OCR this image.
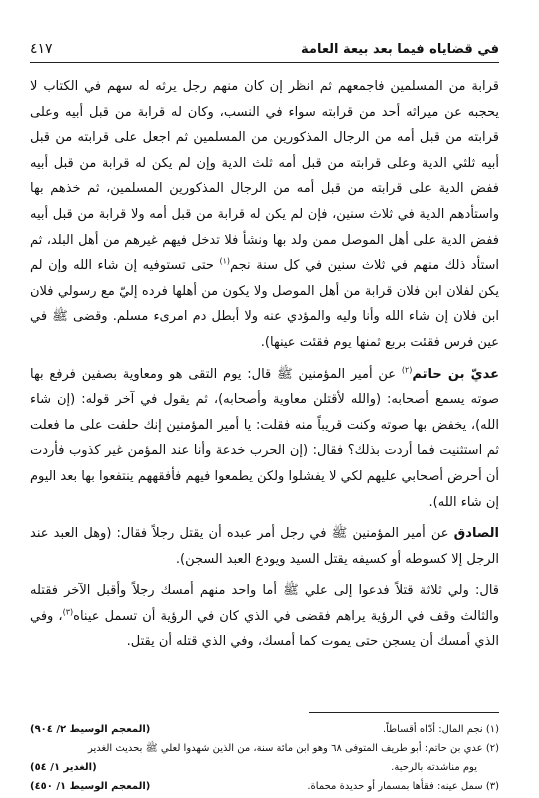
في قضاياه فيما بعد بيعة العامة
٤١٧

قرابة من المسلمين فاجمعهم ثم انظر إن كان منهم رجل يرثه له سهم في الكتاب لا يحجبه عن ميراثه أحد من قرابته سواء في النسب، وكان له قرابة من قبل أبيه وعلى قرابته من قبل أمه من الرجال المذكورين من المسلمين ثم اجعل على قرابته من قبل أبيه ثلثي الدية وعلى قرابته من قبل أمه ثلث الدية وإن لم يكن له قرابة من قبل أبيه ففض الدية على قرابته من قبل أمه من الرجال المذكورين المسلمين، ثم خذهم بها واستأدهم الدية في ثلاث سنين، فإن لم يكن له قرابة من قبل أمه ولا قرابة من قبل أبيه ففض الدية على أهل الموصل ممن ولد بها ونشأ فلا تدخل فيهم غيرهم من أهل البلد، ثم استأد ذلك منهم في ثلاث سنين في كل سنة نجم$^{(١)}$ حتى تستوفيه إن شاء الله وإن لم يكن لفلان ابن فلان قرابة من أهل الموصل ولا يكون من أهلها فرده إليّ مع رسولي فلان ابن فلان إن شاء الله وأنا وليه والمؤدي عنه ولا أبطل دم امرىء مسلم. وقضى ﷺ في عين فرس فقئت بربع ثمنها يوم فقئت عينها).

عديّ بن حاتم$^{(٢)}$ عن أمير المؤمنين ﷺ قال: يوم التقى هو ومعاوية بصفين فرفع بها صوته يسمع أصحابه: (والله لأقتلن معاوية وأصحابه)، ثم يقول في آخر قوله: (إن شاء الله)، يخفض بها صوته وكنت قريباً منه فقلت: يا أمير المؤمنين إنك حلفت على ما فعلت ثم استثنيت فما أردت بذلك؟ فقال: (إن الحرب خدعة وأنا عند المؤمن غير كذوب فأردت أن أحرض أصحابي عليهم لكي لا يفشلوا ولكن يطمعوا فيهم فأفقههم ينتفعوا بها بعد اليوم إن شاء الله).

الصادق عن أمير المؤمنين ﷺ في رجل أمر عبده أن يقتل رجلاً فقال: (وهل العبد عند الرجل إلا كسوطه أو كسيفه يقتل السيد ويودع العبد السجن).

قال: ولي ثلاثة قتلاً فدعوا إلى علي ﷺ أما واحد منهم أمسك رجلاً وأقبل الآخر فقتله والثالث وقف في الرؤية يراهم فقضى في الذي كان في الرؤية أن تسمل عيناه$^{(٣)}$، وفي الذي أمسك أن يسجن حتى يموت كما أمسك، وفي الذي قتله أن يقتل.

(١) نجم المال: أدّاه أقساطاً.
(المعجم الوسيط ٢/ ٩٠٤)
(٢) عدي بن حاتم: أبو طريف المتوفى ٦٨ وهو ابن مائة سنة، من الذين شهدوا لعلي ﷺ بحديث الغدير
يوم مناشدته بالرحبة.
(الغدير ١/ ٥٤)
(٣) سمل عينه: فقأها بمسمار أو حديدة محماة.
(المعجم الوسيط ١/ ٤٥٠)
